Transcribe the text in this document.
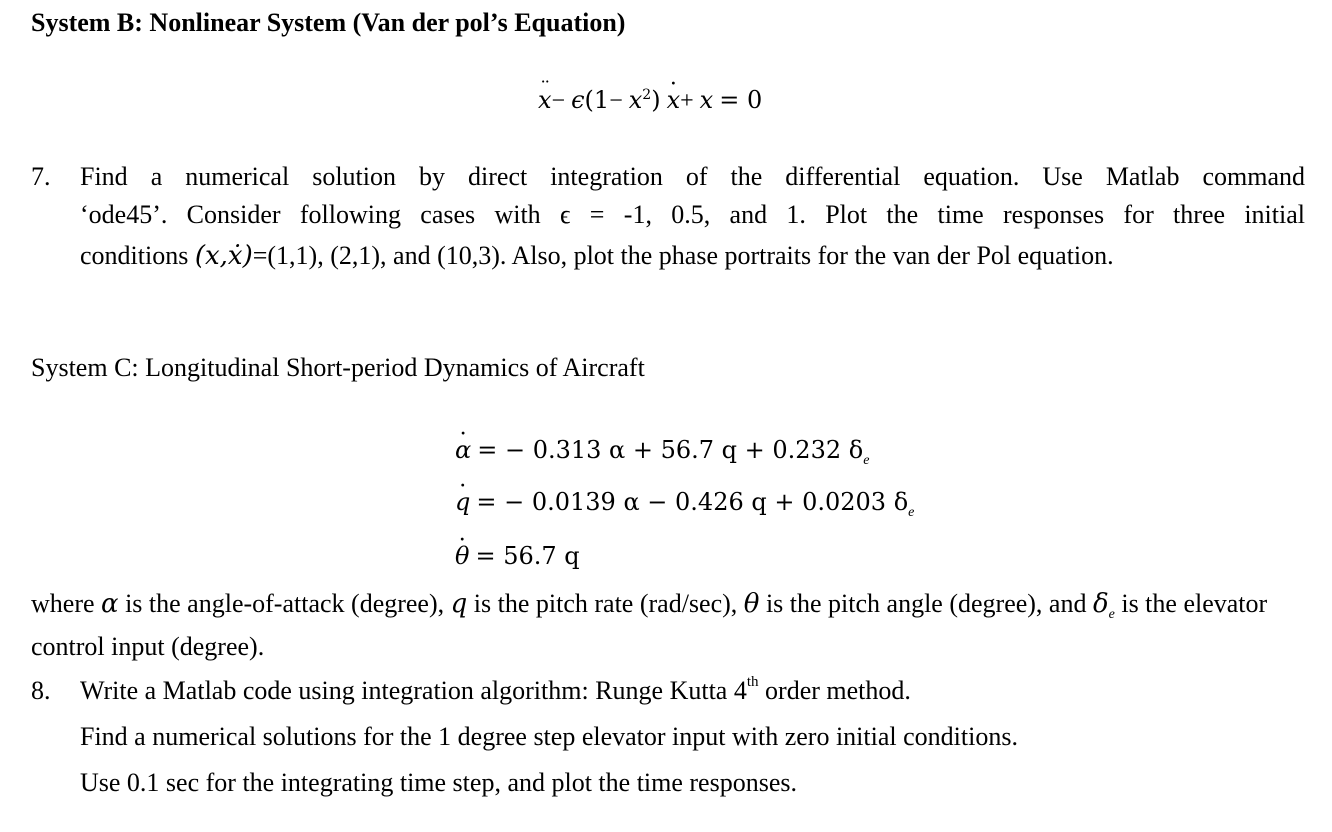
System B: Nonlinear System (Van der pol’s Equation)
·· $x- \epsilon(1- x^2) \cdot x+ x = 0$
7. Find a numerical solution by direct integration of the differential equation. Use Matlab command
‘ode45’. Consider following cases with ϵ = -1, 0.5, and 1. Plot the time responses for three initial
conditions (x,ẋ)=(1,1), (2,1), and (10,3). Also, plot the phase portraits for the van der Pol equation.
System C: Longitudinal Short-period Dynamics of Aircraft
· α = − 0.313 α + 56.7 q + 0.232 $\delta_e$
· q = − 0.0139 α − 0.426 q + 0.0203 $\delta_e$
· θ = 56.7 q
where α is the angle-of-attack (degree), q is the pitch rate (rad/sec), θ is the pitch angle (degree), and $\delta_e$ is the elevator control input (degree).
8. Write a Matlab code using integration algorithm: Runge Kutta 4th order method.
Find a numerical solutions for the 1 degree step elevator input with zero initial conditions.
Use 0.1 sec for the integrating time step, and plot the time responses.
